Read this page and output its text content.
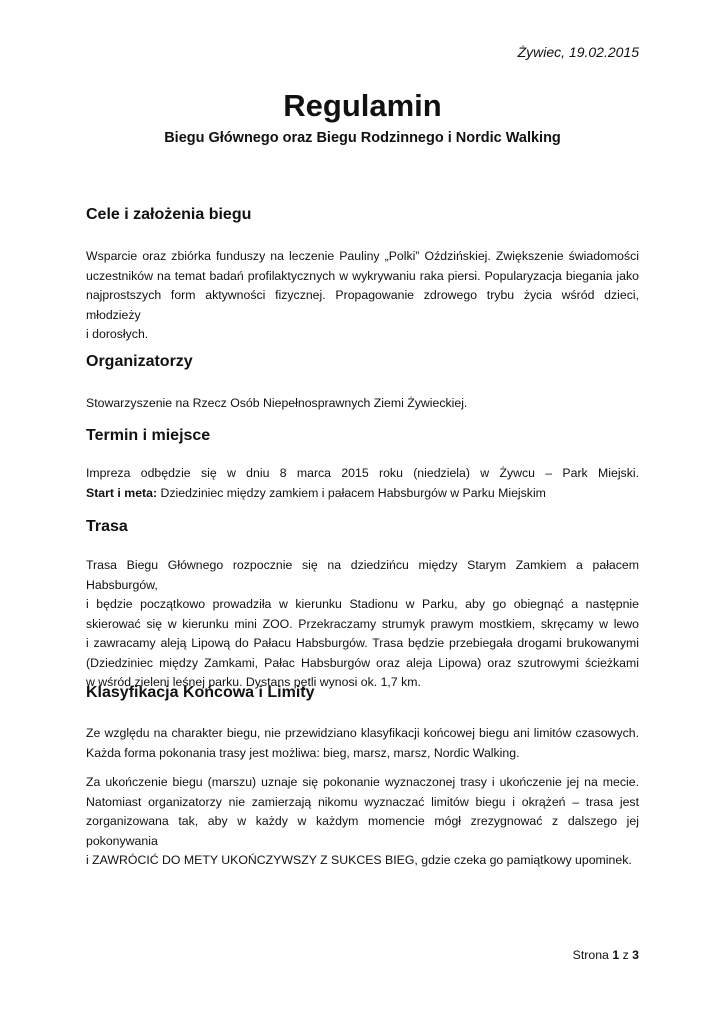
Żywiec, 19.02.2015
Regulamin
Biegu Głównego oraz Biegu Rodzinnego i Nordic Walking
Cele i założenia biegu
Wsparcie oraz zbiórka funduszy na leczenie Pauliny „Polki” Oździńskiej. Zwiększenie świadomości
uczestników na temat badań profilaktycznych w wykrywaniu raka piersi. Popularyzacja biegania jako
najprostszych form aktywności fizycznej. Propagowanie zdrowego trybu życia wśród dzieci, młodzieży
i dorosłych.
Organizatorzy
Stowarzyszenie na Rzecz Osób Niepełnosprawnych Ziemi Żywieckiej.
Termin i miejsce
Impreza odbędzie się w dniu 8 marca 2015 roku (niedziela) w Żywcu – Park Miejski.
Start i meta: Dziedziniec między zamkiem i pałacem Habsburgów w Parku Miejskim
Trasa
Trasa Biegu Głównego rozpocznie się na dziedzińcu między Starym Zamkiem a pałacem Habsburgów,
i będzie początkowo prowadziła w kierunku Stadionu w Parku, aby go obiegnąć a następnie
skierować się w kierunku mini ZOO. Przekraczamy strumyk prawym mostkiem, skręcamy w lewo
i zawracamy aleją Lipową do Pałacu Habsburgów. Trasa będzie przebiegała drogami brukowanymi
(Dziedziniec między Zamkami, Pałac Habsburgów oraz aleja Lipowa) oraz szutrowymi ścieżkami
w wśród zieleni leśnej parku. Dystans pętli wynosi ok. 1,7 km.
Klasyfikacja Końcowa i Limity
Ze względu na charakter biegu, nie przewidziano klasyfikacji końcowej biegu ani limitów czasowych.
Każda forma pokonania trasy jest możliwa: bieg, marsz, marsz, Nordic Walking.
Za ukończenie biegu (marszu) uznaje się pokonanie wyznaczonej trasy i ukończenie jej na mecie.
Natomiast organizatorzy nie zamierzają nikomu wyznaczać limitów biegu i okrążeń – trasa jest
zorganizowana tak, aby w każdy w każdym momencie mógł zrezygnować z dalszego jej pokonywania
i ZAWRÓCIĆ DO METY UKOŃCZYWSZY Z SUKCES BIEG, gdzie czeka go pamiątkowy upominek.
Strona 1 z 3
